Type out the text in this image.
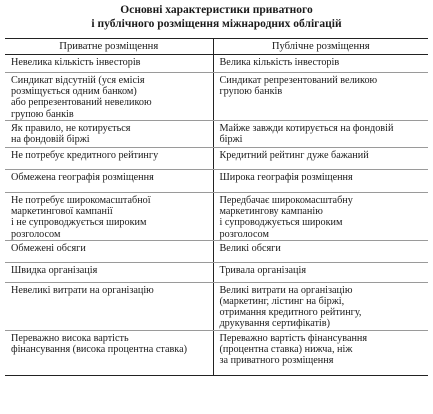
Основні характеристики приватного
і публічного розміщення міжнародних облігацій
Приватне розміщення	Публічне розміщення

Невелика кількість інвесторів	Велика кількість інвесторів

Синдикат відсутній (уся емісія
розміщується одним банком)
або репрезентований невеликою
групою банків	Синдикат репрезентований великою
групою банків

Як правило, не котирується
на фондовій біржі	Майже завжди котирується на фондовій
біржі

Не потребує кредитного рейтингу	Кредитний рейтинг дуже бажаний

Обмежена географія розміщення	Широка географія розміщення

Не потребує широкомасштабної
маркетингової кампанії
і не супроводжується широким
розголосом	Передбачає широкомасштабну
маркетингову кампанію
і супроводжується широким
розголосом

Обмежені обсяги	Великі обсяги

Швидка організація	Тривала організація

Невеликі витрати на організацію	Великі витрати на організацію
(маркетинг, лістинг на біржі,
отримання кредитного рейтингу,
друкування сертифікатів)

Переважно висока вартість
фінансування (висока процентна ставка)	Переважно вартість фінансування
(процентна ставка) нижча, ніж
за приватного розміщення
